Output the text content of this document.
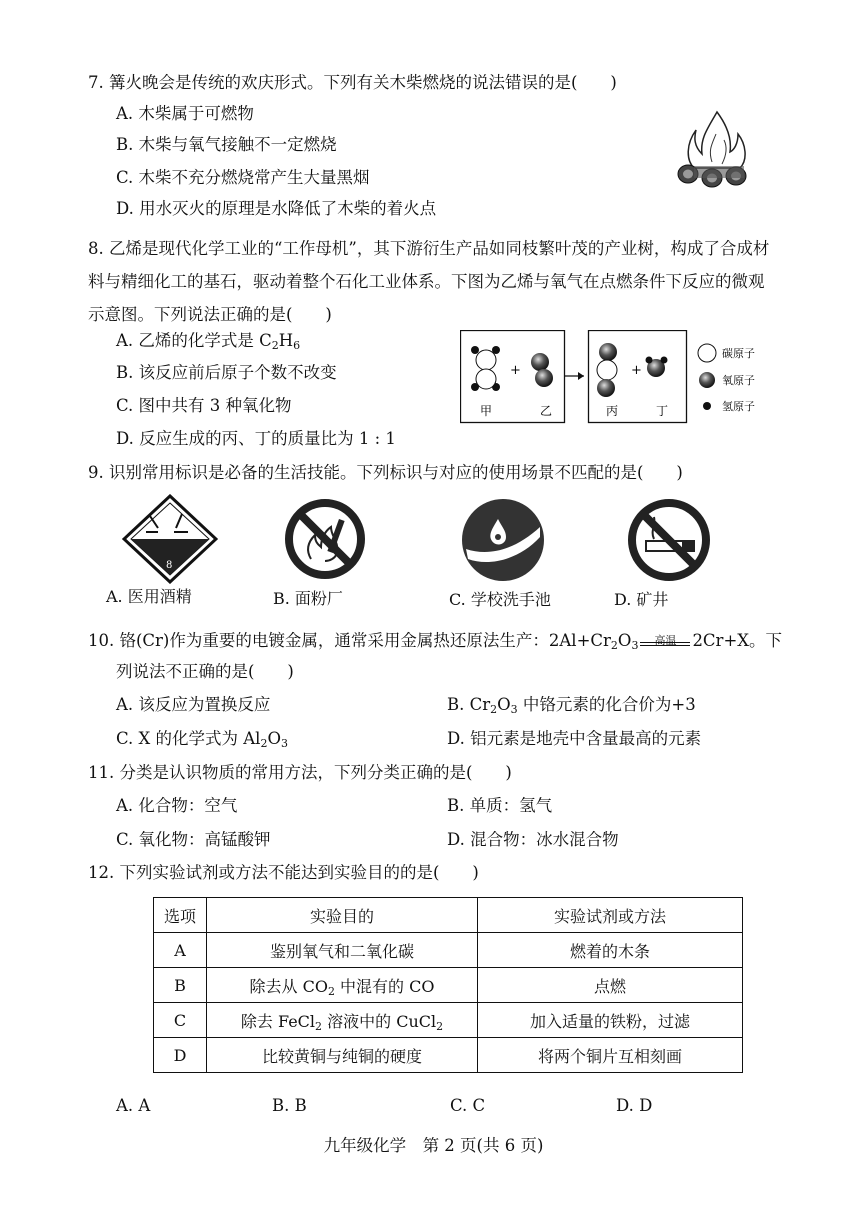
7. 篝火晚会是传统的欢庆形式。下列有关木柴燃烧的说法错误的是(　　)
A. 木柴属于可燃物
B. 木柴与氧气接触不一定燃烧
C. 木柴不充分燃烧常产生大量黑烟
D. 用水灭火的原理是水降低了木柴的着火点
8. 乙烯是现代化学工业的“工作母机”，其下游衍生产品如同枝繁叶茂的产业树，构成了合成材料与精细化工的基石，驱动着整个石化工业体系。下图为乙烯与氧气在点燃条件下反应的微观示意图。下列说法正确的是(　　)
A. 乙烯的化学式是 $C_2H_6$
B. 该反应前后原子个数不改变
C. 图中共有 3 种氧化物
D. 反应生成的丙、丁的质量比为 1 : 1
+	+
甲	乙	丙	丁
碳原子
氧原子
氢原子
9. 识别常用标识是必备的生活技能。下列标识与对应的使用场景不匹配的是(　　)
8
A. 医用酒精	B. 面粉厂	C. 学校洗手池	D. 矿井
10. 铬(Cr)作为重要的电镀金属，通常采用金属热还原法生产：$2Al+Cr_2O_3$	高温 2Cr+X。下
列说法不正确的是(　　)
A. 该反应为置换反应	B. $Cr_2O_3$ 中铬元素的化合价为+3
C. X 的化学式为 $Al_2O_3$	D. 铝元素是地壳中含量最高的元素
11. 分类是认识物质的常用方法，下列分类正确的是(　　)
A. 化合物：空气	B. 单质：氢气
C. 氧化物：高锰酸钾	D. 混合物：冰水混合物
12. 下列实验试剂或方法不能达到实验目的的是(　　)
选项	实验目的	实验试剂或方法
A	鉴别氧气和二氧化碳	燃着的木条
B	除去从 $CO_2$ 中混有的 CO	点燃
C	除去 FeCl$_2$ 溶液中的 CuCl$_2$	加入适量的铁粉，过滤
D	比较黄铜与纯铜的硬度	将两个铜片互相刻画
A. A	B. B	C. C	D. D
九年级化学　第 2 页(共 6 页)
